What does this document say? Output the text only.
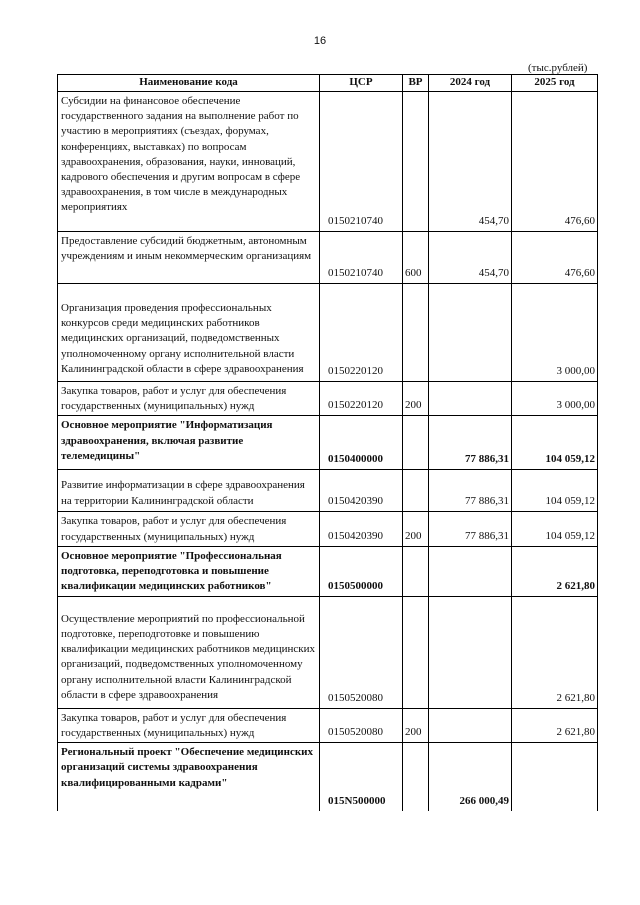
16
(тыс.рублей)
Наименование кода	ЦСР	ВР	2024 год	2025 год
Субсидии на финансовое обеспечение государственного задания на выполнение работ по участию в мероприятиях (съездах, форумах, конференциях, выставках) по вопросам здравоохранения, образования, науки, инноваций, кадрового обеспечения и другим вопросам в сфере здравоохранения, в том числе в международных мероприятиях	0150210740		454,70	476,60
Предоставление субсидий бюджетным, автономным учреждениям и иным некоммерческим организациям	0150210740	600	454,70	476,60
Организация проведения профессиональных конкурсов среди медицинских работников медицинских организаций, подведомственных уполномоченному органу исполнительной власти Калининградской области в сфере здравоохранения	0150220120			3 000,00
Закупка товаров, работ и услуг для обеспечения государственных (муниципальных) нужд	0150220120	200		3 000,00
Основное мероприятие "Информатизация здравоохранения, включая развитие телемедицины"	0150400000		77 886,31	104 059,12
Развитие информатизации в сфере здравоохранения на территории Калининградской области	0150420390		77 886,31	104 059,12
Закупка товаров, работ и услуг для обеспечения государственных (муниципальных) нужд	0150420390	200	77 886,31	104 059,12
Основное мероприятие "Профессиональная подготовка, переподготовка и повышение квалификации медицинских работников"	0150500000			2 621,80
Осуществление мероприятий по профессиональной подготовке, переподготовке и повышению квалификации медицинских работников медицинских организаций, подведомственных уполномоченному органу исполнительной власти Калининградской области в сфере здравоохранения	0150520080			2 621,80
Закупка товаров, работ и услуг для обеспечения государственных (муниципальных) нужд	0150520080	200		2 621,80
Региональный проект "Обеспечение медицинских организаций системы здравоохранения квалифицированными кадрами"	015N500000		266 000,49	
